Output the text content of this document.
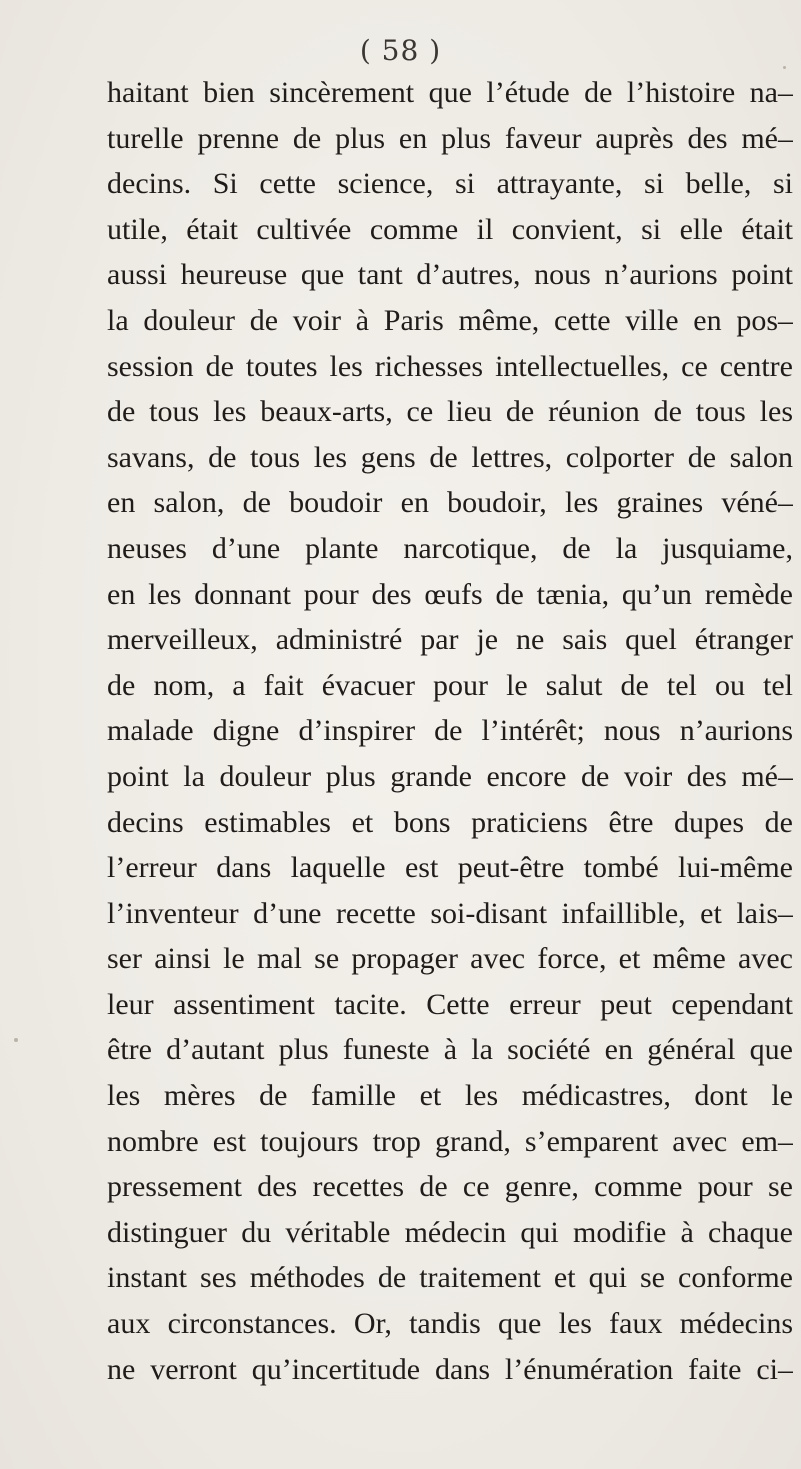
( 58 )
haitant bien sincèrement que l’étude de l’histoire na–
turelle prenne de plus en plus faveur auprès des mé–
decins. Si cette science, si attrayante, si belle, si
utile, était cultivée comme il convient, si elle était
aussi heureuse que tant d’autres, nous n’aurions point
la douleur de voir à Paris même, cette ville en pos–
session de toutes les richesses intellectuelles, ce centre
de tous les beaux-arts, ce lieu de réunion de tous les
savans, de tous les gens de lettres, colporter de salon
en salon, de boudoir en boudoir, les graines véné–
neuses d’une plante narcotique, de la jusquiame,
en les donnant pour des œufs de tænia, qu’un remède
merveilleux, administré par je ne sais quel étranger
de nom, a fait évacuer pour le salut de tel ou tel
malade digne d’inspirer de l’intérêt; nous n’aurions
point la douleur plus grande encore de voir des mé–
decins estimables et bons praticiens être dupes de
l’erreur dans laquelle est peut-être tombé lui-même
l’inventeur d’une recette soi-disant infaillible, et lais–
ser ainsi le mal se propager avec force, et même avec
leur assentiment tacite. Cette erreur peut cependant
être d’autant plus funeste à la société en général que
les mères de famille et les médicastres, dont le
nombre est toujours trop grand, s’emparent avec em–
pressement des recettes de ce genre, comme pour se
distinguer du véritable médecin qui modifie à chaque
instant ses méthodes de traitement et qui se conforme
aux circonstances. Or, tandis que les faux médecins
ne verront qu’incertitude dans l’énumération faite ci–
